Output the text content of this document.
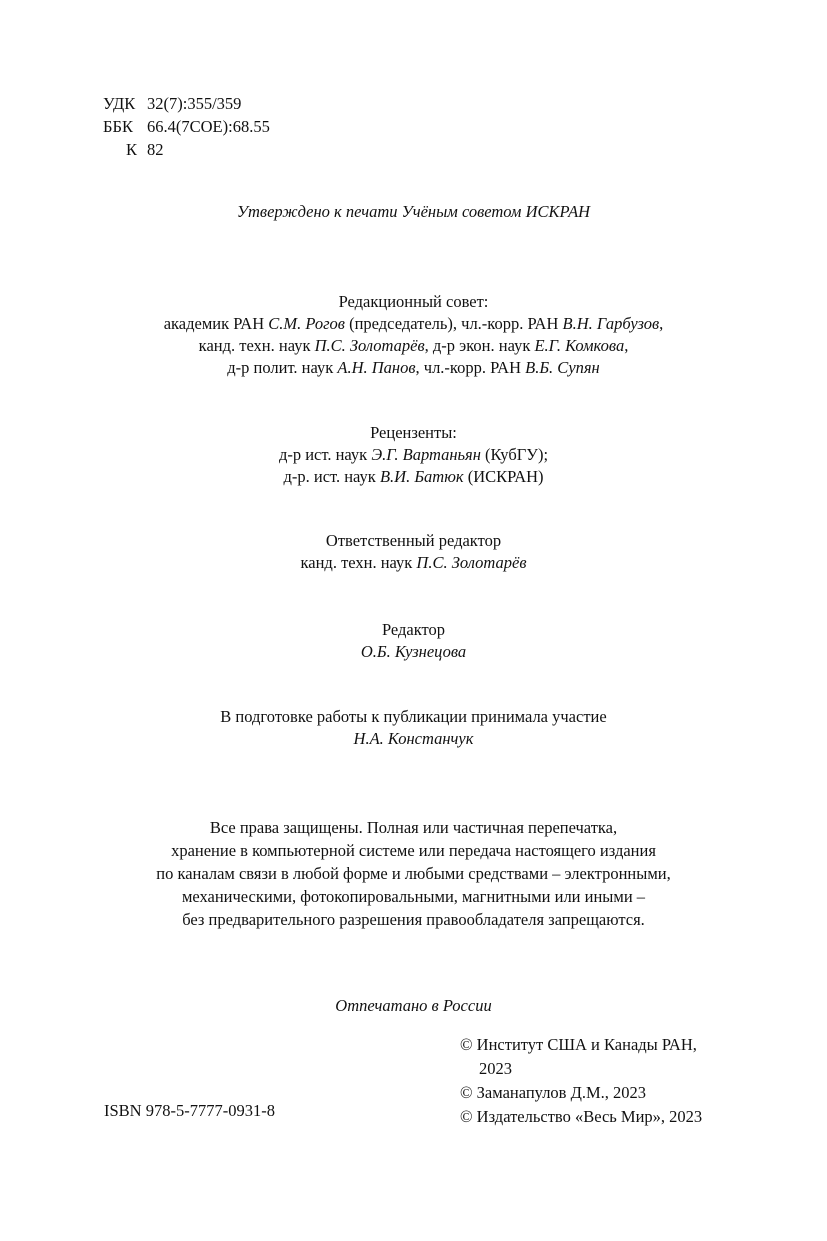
УДК 32(7):355/359
ББК 66.4(7СОЕ):68.55
К 82
Утверждено к печати Учёным советом ИСКРАН
Редакционный совет:
академик РАН С.М. Рогов (председатель), чл.-корр. РАН В.Н. Гарбузов,
канд. техн. наук П.С. Золотарёв, д-р экон. наук Е.Г. Комкова,
д-р полит. наук А.Н. Панов, чл.-корр. РАН В.Б. Супян
Рецензенты:
д-р ист. наук Э.Г. Вартаньян (КубГУ);
д-р. ист. наук В.И. Батюк (ИСКРАН)
Ответственный редактор
канд. техн. наук П.С. Золотарёв
Редактор
О.Б. Кузнецова
В подготовке работы к публикации принимала участие
Н.А. Констанчук
Все права защищены. Полная или частичная перепечатка,
хранение в компьютерной системе или передача настоящего издания
по каналам связи в любой форме и любыми средствами – электронными,
механическими, фотокопировальными, магнитными или иными –
без предварительного разрешения правообладателя запрещаются.
Отпечатано в России
ISBN 978-5-7777-0931-8
© Институт США и Канады РАН,
2023
© Заманапулов Д.М., 2023
© Издательство «Весь Мир», 2023
